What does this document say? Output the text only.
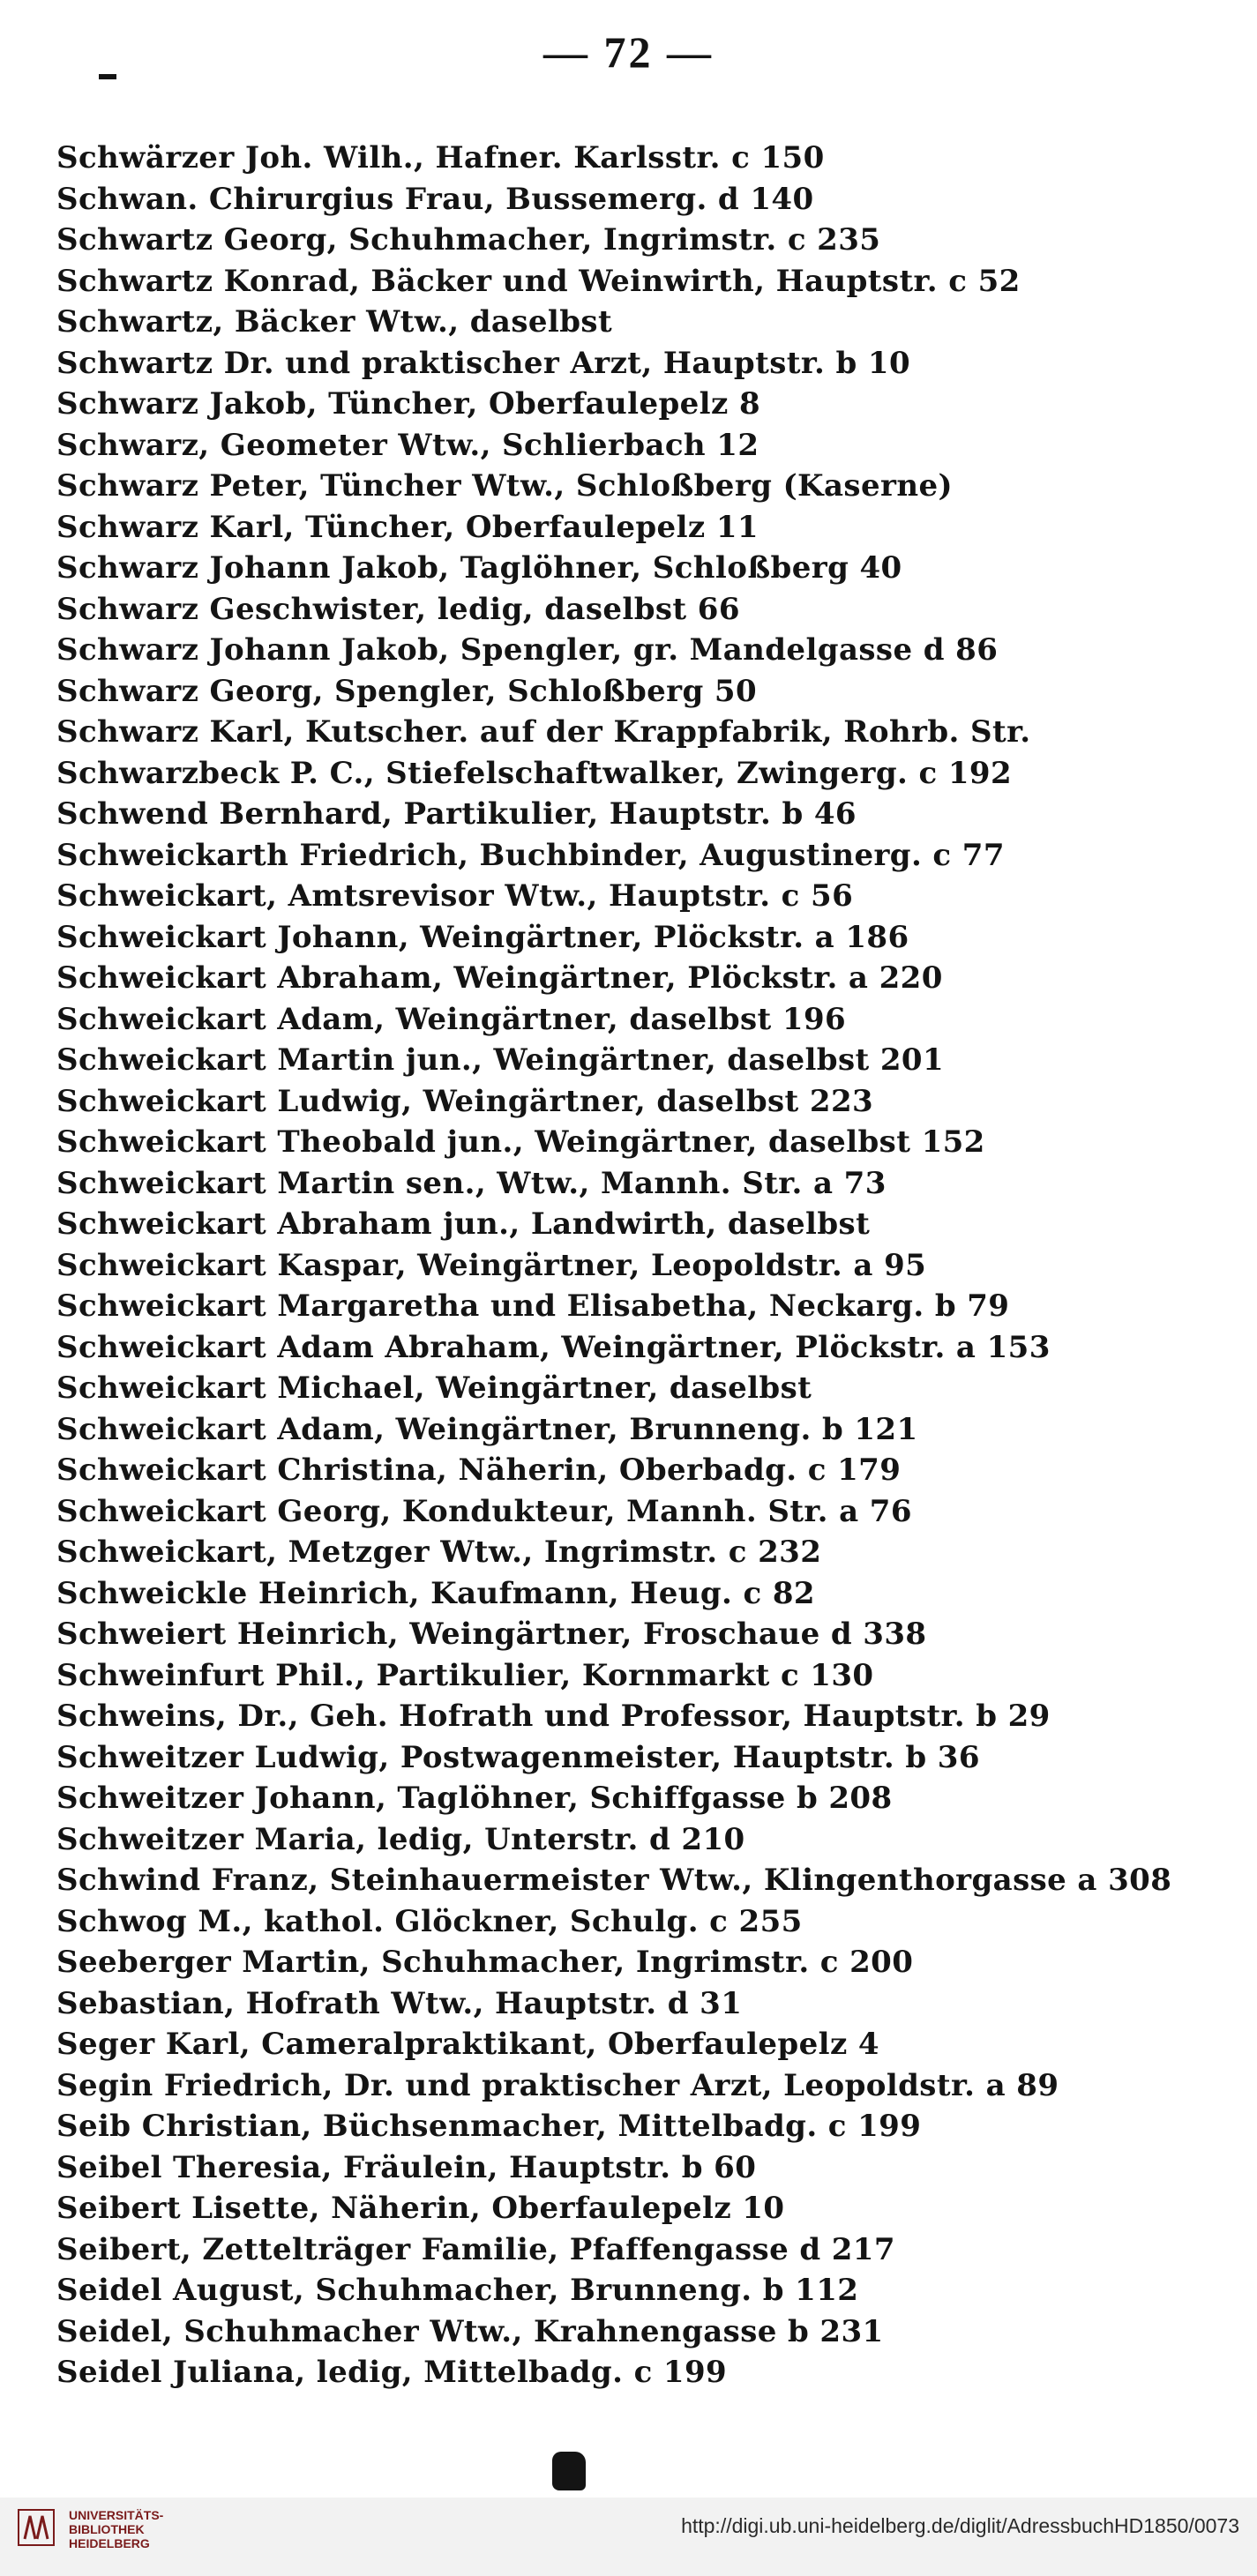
— 72 —
Schwärzer Joh. Wilh., Hafner. Karlsstr. c 150
Schwan. Chirurgius Frau, Bussemerg. d 140
Schwartz Georg, Schuhmacher, Ingrimstr. c 235
Schwartz Konrad, Bäcker und Weinwirth, Hauptstr. c 52
Schwartz, Bäcker Wtw., daselbst
Schwartz Dr. und praktischer Arzt, Hauptstr. b 10
Schwarz Jakob, Tüncher, Oberfaulepelz 8
Schwarz, Geometer Wtw., Schlierbach 12
Schwarz Peter, Tüncher Wtw., Schloßberg (Kaserne)
Schwarz Karl, Tüncher, Oberfaulepelz 11
Schwarz Johann Jakob, Taglöhner, Schloßberg 40
Schwarz Geschwister, ledig, daselbst 66
Schwarz Johann Jakob, Spengler, gr. Mandelgasse d 86
Schwarz Georg, Spengler, Schloßberg 50
Schwarz Karl, Kutscher. auf der Krappfabrik, Rohrb. Str.
Schwarzbeck P. C., Stiefelschaftwalker, Zwingerg. c 192
Schwend Bernhard, Partikulier, Hauptstr. b 46
Schweickarth Friedrich, Buchbinder, Augustinerg. c 77
Schweickart, Amtsrevisor Wtw., Hauptstr. c 56
Schweickart Johann, Weingärtner, Plöckstr. a 186
Schweickart Abraham, Weingärtner, Plöckstr. a 220
Schweickart Adam, Weingärtner, daselbst 196
Schweickart Martin jun., Weingärtner, daselbst 201
Schweickart Ludwig, Weingärtner, daselbst 223
Schweickart Theobald jun., Weingärtner, daselbst 152
Schweickart Martin sen., Wtw., Mannh. Str. a 73
Schweickart Abraham jun., Landwirth, daselbst
Schweickart Kaspar, Weingärtner, Leopoldstr. a 95
Schweickart Margaretha und Elisabetha, Neckarg. b 79
Schweickart Adam Abraham, Weingärtner, Plöckstr. a 153
Schweickart Michael, Weingärtner, daselbst
Schweickart Adam, Weingärtner, Brunneng. b 121
Schweickart Christina, Näherin, Oberbadg. c 179
Schweickart Georg, Kondukteur, Mannh. Str. a 76
Schweickart, Metzger Wtw., Ingrimstr. c 232
Schweickle Heinrich, Kaufmann, Heug. c 82
Schweiert Heinrich, Weingärtner, Froschaue d 338
Schweinfurt Phil., Partikulier, Kornmarkt c 130
Schweins, Dr., Geh. Hofrath und Professor, Hauptstr. b 29
Schweitzer Ludwig, Postwagenmeister, Hauptstr. b 36
Schweitzer Johann, Taglöhner, Schiffgasse b 208
Schweitzer Maria, ledig, Unterstr. d 210
Schwind Franz, Steinhauermeister Wtw., Klingenthorgasse a 308
Schwog M., kathol. Glöckner, Schulg. c 255
Seeberger Martin, Schuhmacher, Ingrimstr. c 200
Sebastian, Hofrath Wtw., Hauptstr. d 31
Seger Karl, Cameralpraktikant, Oberfaulepelz 4
Segin Friedrich, Dr. und praktischer Arzt, Leopoldstr. a 89
Seib Christian, Büchsenmacher, Mittelbadg. c 199
Seibel Theresia, Fräulein, Hauptstr. b 60
Seibert Lisette, Näherin, Oberfaulepelz 10
Seibert, Zettelträger Familie, Pfaffengasse d 217
Seidel August, Schuhmacher, Brunneng. b 112
Seidel, Schuhmacher Wtw., Krahnengasse b 231
Seidel Juliana, ledig, Mittelbadg. c 199
UNIVERSITÄTS-
BIBLIOTHEK
HEIDELBERG
http://digi.ub.uni-heidelberg.de/diglit/AdressbuchHD1850/0073
